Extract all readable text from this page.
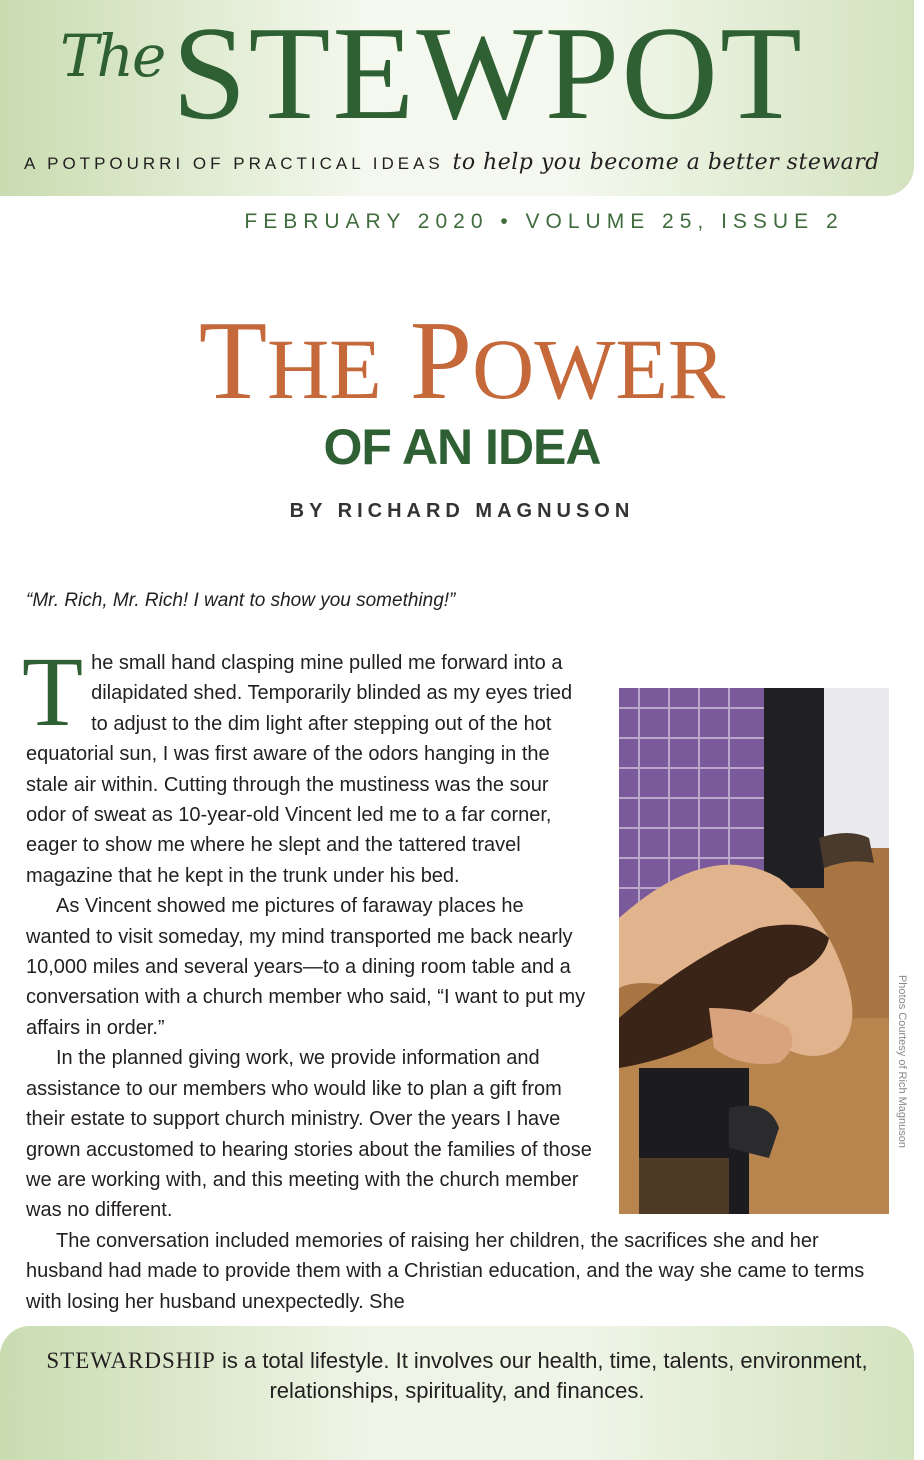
The STEWPOT
A POTPOURRI OF PRACTICAL IDEAS to help you become a better steward
FEBRUARY 2020 • VOLUME 25, ISSUE 2
THE POWER
OF AN IDEA
BY RICHARD MAGNUSON
“Mr. Rich, Mr. Rich! I want to show you something!”
T
Photos Courtesy of Rich Magnuson

he small hand clasping mine pulled me forward into a dilapidated shed. Temporarily blinded as my eyes tried to adjust to the dim light after stepping out of the hot equatorial sun, I was first aware of the odors hanging in the stale air within. Cutting through the mustiness was the sour odor of sweat as 10-year-old Vincent led me to a far corner, eager to show me where he slept and the tattered travel magazine that he kept in the trunk under his bed.

As Vincent showed me pictures of faraway places he wanted to visit someday, my mind transported me back nearly 10,000 miles and several years—to a dining room table and a conversation with a church member who said, “I want to put my affairs in order.”

In the planned giving work, we provide information and assistance to our members who would like to plan a gift from their estate to support church ministry. Over the years I have grown accustomed to hearing stories about the families of those we are working with, and this meeting with the church member was no different.

The conversation included memories of raising her children, the sacrifices she and her husband had made to provide them with a Christian education, and the way she came to terms with losing her husband unexpectedly. She

STEWARDSHIP is a total lifestyle. It involves our health, time, talents, environment, relationships, spirituality, and finances.
